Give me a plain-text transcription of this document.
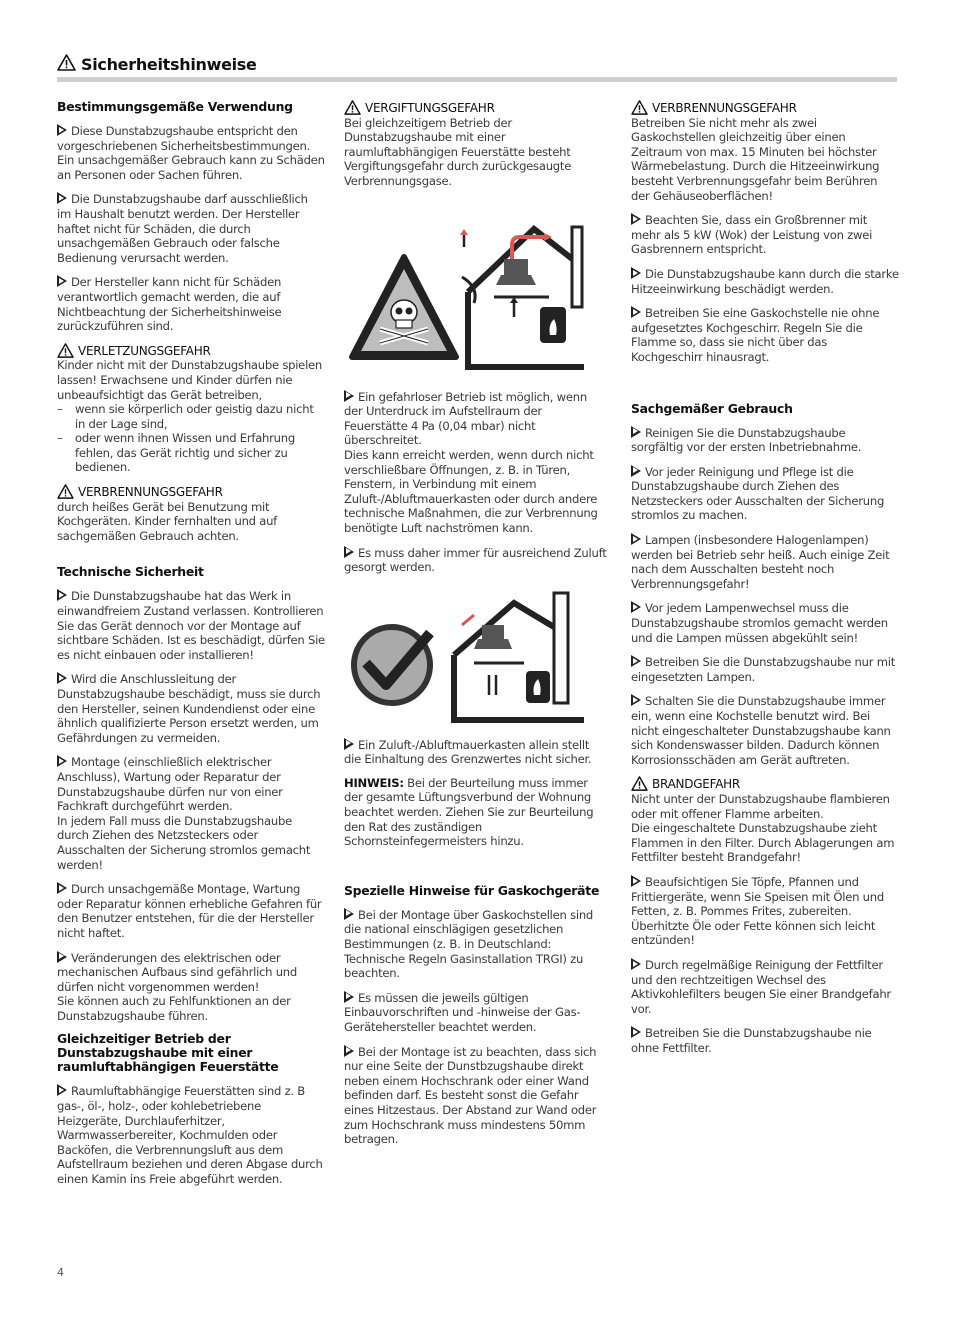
Sicherheitshinweise
Bestimmungsgemäße Verwendung

Diese Dunstabzugshaube entspricht den vorgeschriebenen Sicherheitsbestimmungen. Ein unsachgemäßer Gebrauch kann zu Schäden an Personen oder Sachen führen.

Die Dunstabzugshaube darf ausschließlich im Haushalt benutzt werden. Der Hersteller haftet nicht für Schäden, die durch unsachgemäßen Gebrauch oder falsche Bedienung verursacht werden.

Der Hersteller kann nicht für Schäden verantwortlich gemacht werden, die auf Nichtbeachtung der Sicherheitshinweise zurückzuführen sind.

VERLETZUNGSGEFAHR
Kinder nicht mit der Dunstabzugshaube spielen lassen! Erwachsene und Kinder dürfen nie unbeaufsichtigt das Gerät betreiben,
–	wenn sie körperlich oder geistig dazu nicht in der Lage sind,
–	oder wenn ihnen Wissen und Erfahrung fehlen, das Gerät richtig und sicher zu bedienen.
VERBRENNUNGSGEFAHR
durch heißes Gerät bei Benutzung mit Kochgeräten. Kinder fernhalten und auf sachgemäßen Gebrauch achten.
Technische Sicherheit

Die Dunstabzugshaube hat das Werk in einwandfreiem Zustand verlassen. Kontrollieren Sie das Gerät dennoch vor der Montage auf sichtbare Schäden. Ist es beschädigt, dürfen Sie es nicht einbauen oder installieren!

Wird die Anschlussleitung der Dunstabzugshaube beschädigt, muss sie durch den Hersteller, seinen Kundendienst oder eine ähnlich qualifizierte Person ersetzt werden, um Gefährdungen zu vermeiden.

Montage (einschließlich elektrischer Anschluss), Wartung oder Reparatur der Dunstabzugshaube dürfen nur von einer Fachkraft durchgeführt werden.
In jedem Fall muss die Dunstabzugshaube durch Ziehen des Netzsteckers oder Ausschalten der Sicherung stromlos gemacht werden!

Durch unsachgemäße Montage, Wartung oder Reparatur können erhebliche Gefahren für den Benutzer entstehen, für die der Hersteller nicht haftet.

Veränderungen des elektrischen oder mechanischen Aufbaus sind gefährlich und dürfen nicht vorgenommen werden!
Sie können auch zu Fehlfunktionen an der Dunstabzugshaube führen.

Gleichzeitiger Betrieb der Dunstabzugshaube mit einer raumluftabhängigen Feuerstätte

Raumluftabhängige Feuerstätten sind z. B gas-, öl-, holz-, oder kohlebetriebene Heizgeräte, Durchlauferhitzer, Warmwasserbereiter, Kochmulden oder Backöfen, die Verbrennungsluft aus dem Aufstellraum beziehen und deren Abgase durch einen Kamin ins Freie abgeführt werden.

VERGIFTUNGSGEFAHR
Bei gleichzeitigem Betrieb der Dunstabzugshaube mit einer raumluftabhängigen Feuerstätte besteht Vergiftungsgefahr durch zurückgesaugte Verbrennungsgase.

Ein gefahrloser Betrieb ist möglich, wenn der Unterdruck im Aufstellraum der Feuerstätte 4 Pa (0,04 mbar) nicht überschreitet.
Dies kann erreicht werden, wenn durch nicht verschließbare Öffnungen, z. B. in Türen, Fenstern, in Verbindung mit einem Zuluft-/Abluftmauerkasten oder durch andere technische Maßnahmen, die zur Verbrennung benötigte Luft nachströmen kann.

Es muss daher immer für ausreichend Zuluft gesorgt werden.

Ein Zuluft-/Abluftmauerkasten allein stellt die Einhaltung des Grenzwertes nicht sicher.

HINWEIS: Bei der Beurteilung muss immer der gesamte Lüftungsverbund der Wohnung beachtet werden. Ziehen Sie zur Beurteilung den Rat des zuständigen Schornsteinfegermeisters hinzu.

Spezielle Hinweise für Gaskochgeräte

Bei der Montage über Gaskochstellen sind die national einschlägigen gesetzlichen Bestimmungen (z. B. in Deutschland: Technische Regeln Gasinstallation TRGI) zu beachten.

Es müssen die jeweils gültigen Einbauvorschriften und -hinweise der Gas-Gerätehersteller beachtet werden.

Bei der Montage ist zu beachten, dass sich nur eine Seite der Dunstbzugshaube direkt neben einem Hochschrank oder einer Wand befinden darf. Es besteht sonst die Gefahr eines Hitzestaus. Der Abstand zur Wand oder zum Hochschrank muss mindestens 50mm betragen.

VERBRENNUNGSGEFAHR
Betreiben Sie nicht mehr als zwei Gaskochstellen gleichzeitig über einen Zeitraum von max. 15 Minuten bei höchster Wärmebelastung. Durch die Hitzeeinwirkung besteht Verbrennungsgefahr beim Berühren der Gehäuseoberflächen!

Beachten Sie, dass ein Großbrenner mit mehr als 5 kW (Wok) der Leistung von zwei Gasbrennern entspricht.

Die Dunstabzugshaube kann durch die starke Hitzeeinwirkung beschädigt werden.

Betreiben Sie eine Gaskochstelle nie ohne aufgesetztes Kochgeschirr. Regeln Sie die Flamme so, dass sie nicht über das Kochgeschirr hinausragt.

Sachgemäßer Gebrauch

Reinigen Sie die Dunstabzugshaube sorgfältig vor der ersten Inbetriebnahme.

Vor jeder Reinigung und Pflege ist die Dunstabzugshaube durch Ziehen des Netzsteckers oder Ausschalten der Sicherung stromlos zu machen.

Lampen (insbesondere Halogenlampen) werden bei Betrieb sehr heiß. Auch einige Zeit nach dem Ausschalten besteht noch Verbrennungsgefahr!

Vor jedem Lampenwechsel muss die Dunstabzugshaube stromlos gemacht werden und die Lampen müssen abgekühlt sein!

Betreiben Sie die Dunstabzugshaube nur mit eingesetzten Lampen.

Schalten Sie die Dunstabzugshaube immer ein, wenn eine Kochstelle benutzt wird. Bei nicht eingeschalteter Dunstabzugshaube kann sich Kondenswasser bilden. Dadurch können Korrosionsschäden am Gerät auftreten.

BRANDGEFAHR
Nicht unter der Dunstabzugshaube flambieren oder mit offener Flamme arbeiten.
Die eingeschaltete Dunstabzugshaube zieht Flammen in den Filter. Durch Ablagerungen am Fettfilter besteht Brandgefahr!

Beaufsichtigen Sie Töpfe, Pfannen und Frittiergeräte, wenn Sie Speisen mit Ölen und Fetten, z. B. Pommes Frites, zubereiten. Überhitzte Öle oder Fette können sich leicht entzünden!

Durch regelmäßige Reinigung der Fettfilter und den rechtzeitigen Wechsel des Aktivkohlefilters beugen Sie einer Brandgefahr vor.

Betreiben Sie die Dunstabzugshaube nie ohne Fettfilter.

4
